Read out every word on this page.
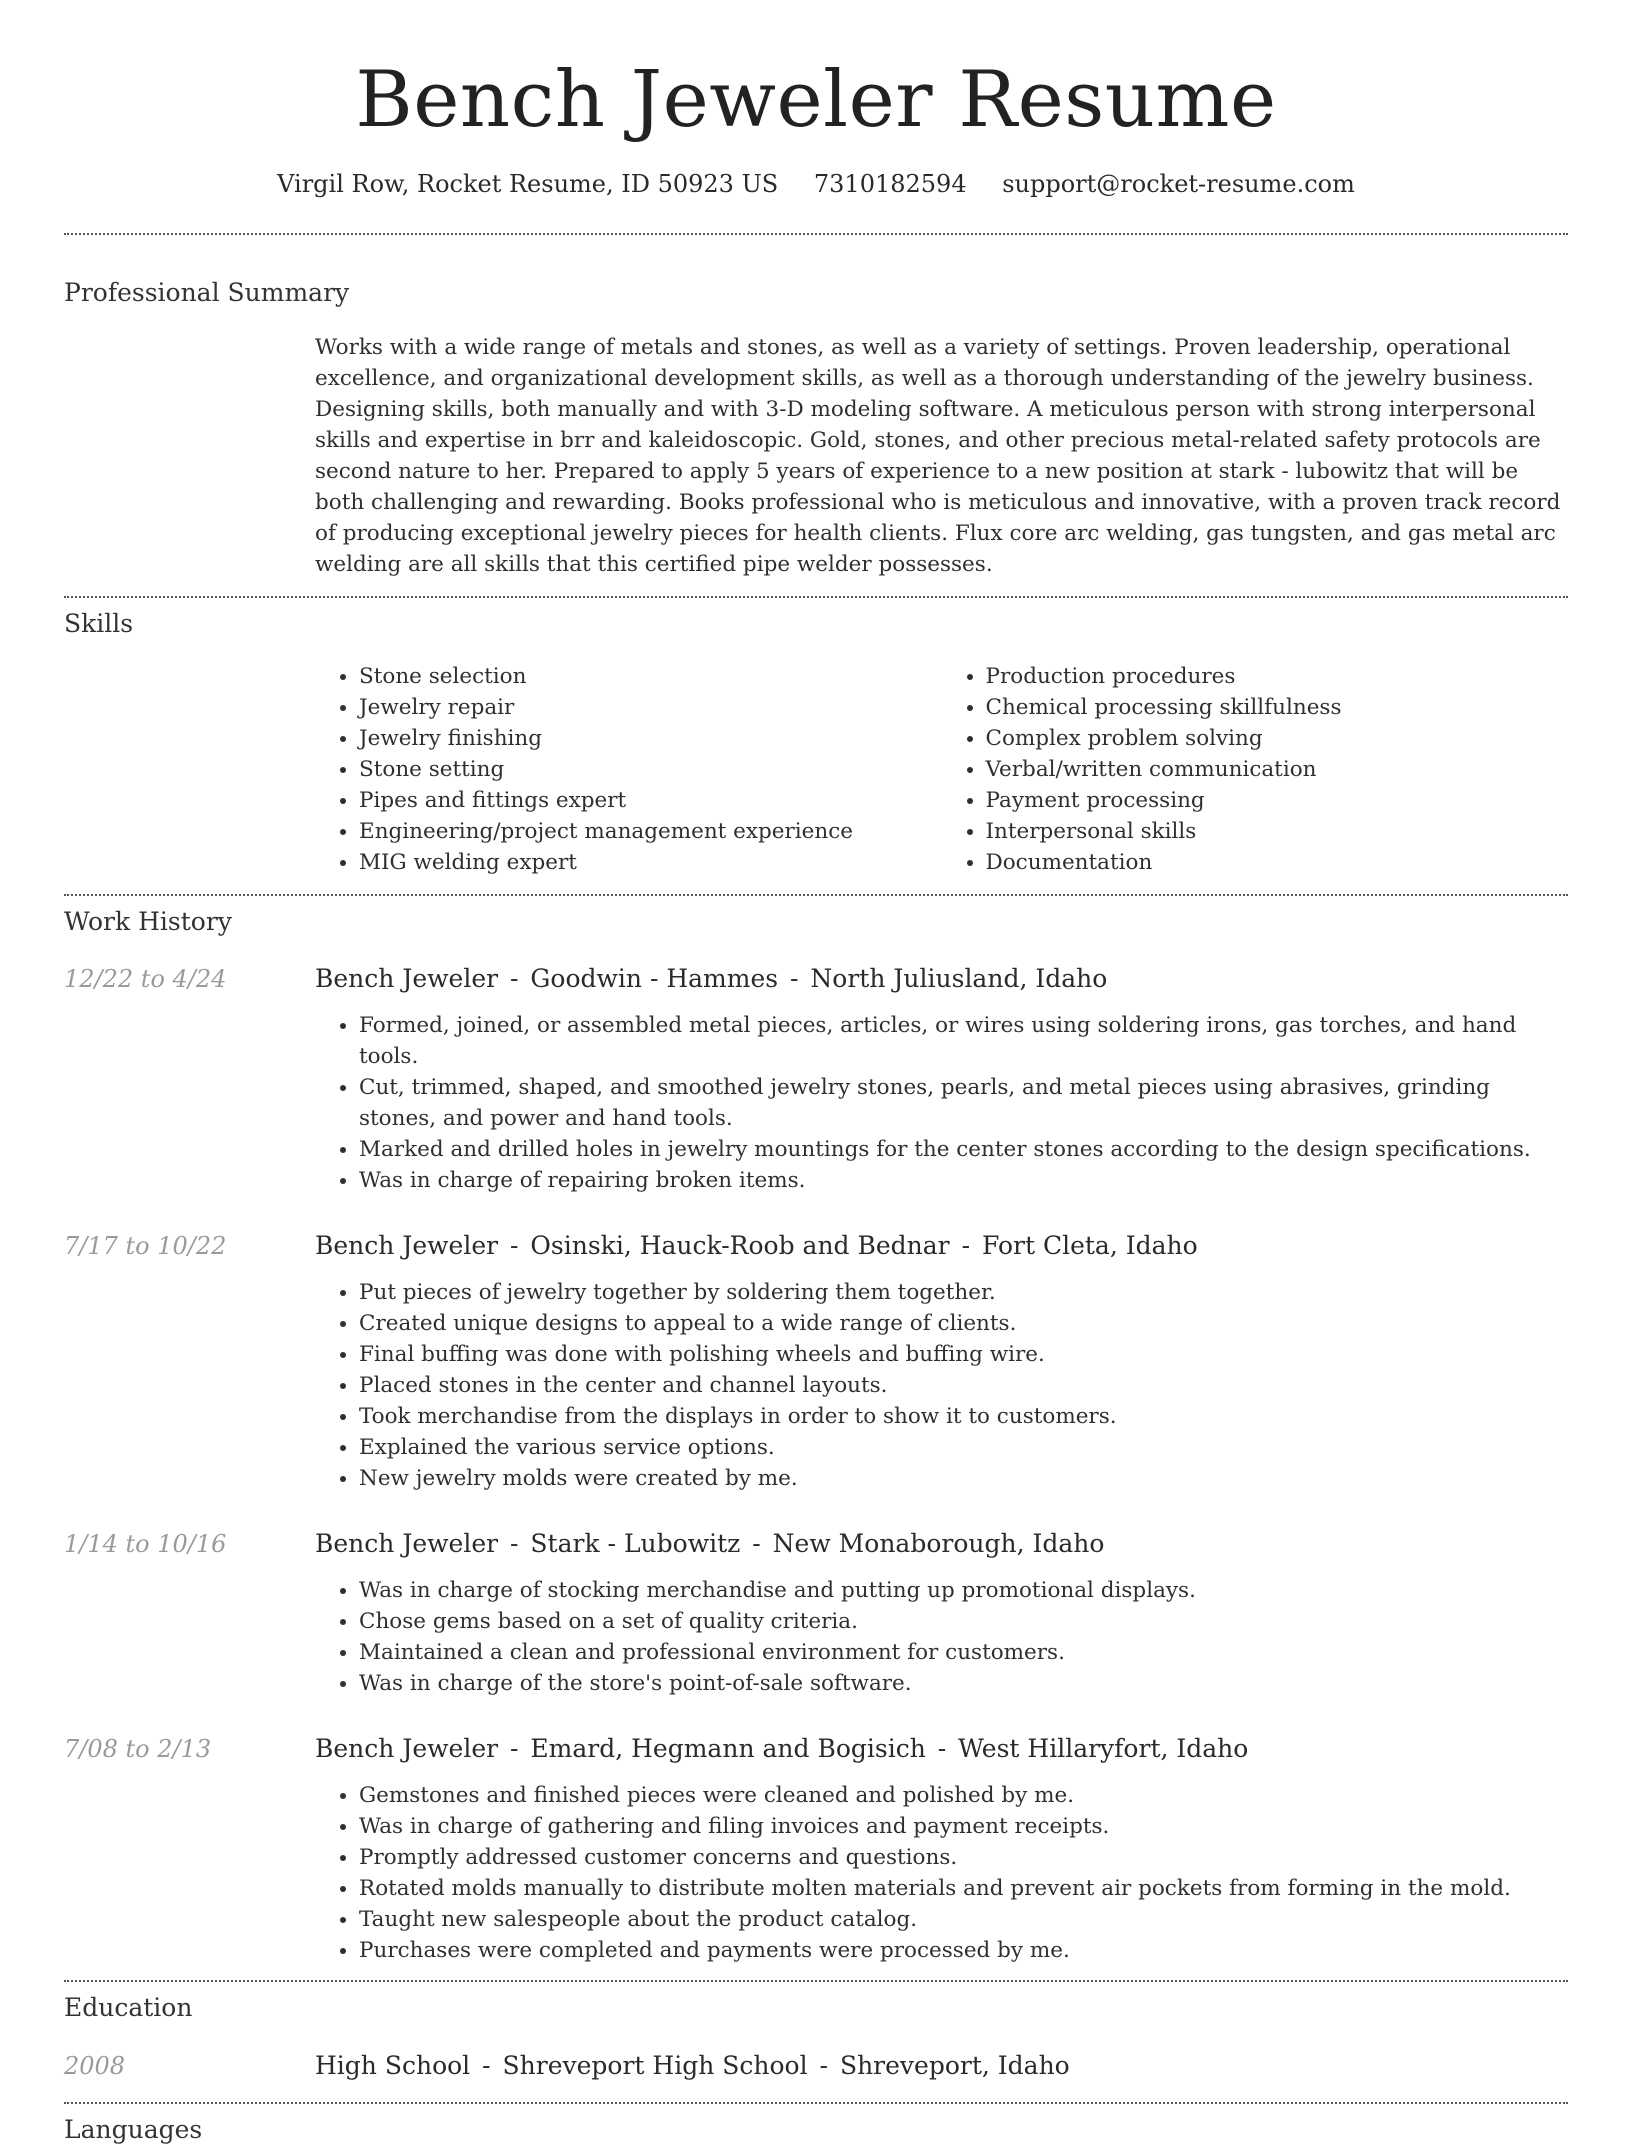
Bench Jeweler Resume
Virgil Row, Rocket Resume, ID 50923 US 7310182594 support@rocket-resume.com
Professional Summary

Works with a wide range of metals and stones, as well as a variety of settings. Proven leadership, operational excellence, and organizational development skills, as well as a thorough understanding of the jewelry business. Designing skills, both manually and with 3-D modeling software. A meticulous person with strong interpersonal skills and expertise in brr and kaleidoscopic. Gold, stones, and other precious metal-related safety protocols are second nature to her. Prepared to apply 5 years of experience to a new position at stark - lubowitz that will be both challenging and rewarding. Books professional who is meticulous and innovative, with a proven track record of producing exceptional jewelry pieces for health clients. Flux core arc welding, gas tungsten, and gas metal arc welding are all skills that this certified pipe welder possesses.

Skills
• Stone selection
• Jewelry repair
• Jewelry finishing
• Stone setting
• Pipes and fittings expert
• Engineering/project management experience
• MIG welding expert
• Production procedures
• Chemical processing skillfulness
• Complex problem solving
• Verbal/written communication
• Payment processing
• Interpersonal skills
• Documentation
Work History
12/22 to 4/24	Bench Jeweler - Goodwin - Hammes - North Juliusland, Idaho
• Formed, joined, or assembled metal pieces, articles, or wires using soldering irons, gas torches, and hand tools.
• Cut, trimmed, shaped, and smoothed jewelry stones, pearls, and metal pieces using abrasives, grinding stones, and power and hand tools.
• Marked and drilled holes in jewelry mountings for the center stones according to the design specifications.
• Was in charge of repairing broken items.
7/17 to 10/22	Bench Jeweler - Osinski, Hauck-Roob and Bednar - Fort Cleta, Idaho
• Put pieces of jewelry together by soldering them together.
• Created unique designs to appeal to a wide range of clients.
• Final buffing was done with polishing wheels and buffing wire.
• Placed stones in the center and channel layouts.
• Took merchandise from the displays in order to show it to customers.
• Explained the various service options.
• New jewelry molds were created by me.
1/14 to 10/16	Bench Jeweler - Stark - Lubowitz - New Monaborough, Idaho
• Was in charge of stocking merchandise and putting up promotional displays.
• Chose gems based on a set of quality criteria.
• Maintained a clean and professional environment for customers.
• Was in charge of the store's point-of-sale software.
7/08 to 2/13	Bench Jeweler - Emard, Hegmann and Bogisich - West Hillaryfort, Idaho
• Gemstones and finished pieces were cleaned and polished by me.
• Was in charge of gathering and filing invoices and payment receipts.
• Promptly addressed customer concerns and questions.
• Rotated molds manually to distribute molten materials and prevent air pockets from forming in the mold.
• Taught new salespeople about the product catalog.
• Purchases were completed and payments were processed by me.
Education
2008	High School - Shreveport High School - Shreveport, Idaho
Languages
